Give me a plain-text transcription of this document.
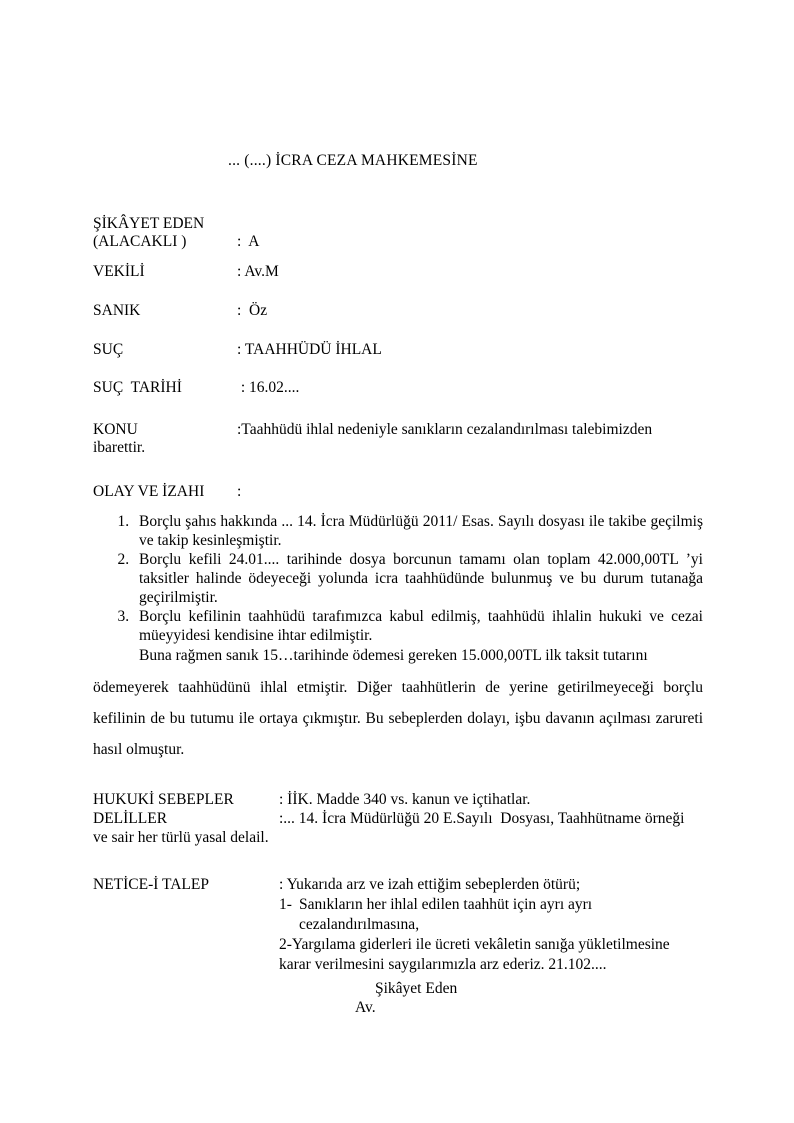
... (....) İCRA CEZA MAHKEMESİNE
ŞİKÂYET EDEN
(ALACAKLI )	:  A
VEKİLİ	: Av.M
SANIK	:  Öz
SUÇ	: TAAHHÜDÜ İHLAL
SUÇ  TARİHİ	: 16.02....
KONU	:Taahhüdü ihlal nedeniyle sanıkların cezalandırılması talebimizden
ibarettir.
OLAY VE İZAHI	:
1. Borçlu şahıs hakkında ... 14. İcra Müdürlüğü 2011/ Esas. Sayılı dosyası ile takibe geçilmiş ve takip kesinleşmiştir.
2. Borçlu kefili 24.01.... tarihinde dosya borcunun tamamı olan toplam 42.000,00TL ’yi taksitler halinde ödeyeceği yolunda icra taahhüdünde bulunmuş ve bu durum tutanağa geçirilmiştir.
3. Borçlu kefilinin taahhüdü tarafımızca kabul edilmiş, taahhüdü ihlalin hukuki ve cezai müeyyidesi kendisine ihtar edilmiştir.
Buna rağmen sanık 15…tarihinde ödemesi gereken 15.000,00TL ilk taksit tutarını
ödemeyerek taahhüdünü ihlal etmiştir. Diğer taahhütlerin de yerine getirilmeyeceği borçlu kefilinin de bu tutumu ile ortaya çıkmıştır. Bu sebeplerden dolayı, işbu davanın açılması zarureti hasıl olmuştur.
HUKUKİ SEBEPLER	: İİK. Madde 340 vs. kanun ve içtihatlar.
DELİLLER	:... 14. İcra Müdürlüğü 20 E.Sayılı  Dosyası, Taahhütname örneği
ve sair her türlü yasal delail.
NETİCE-İ TALEP	: Yukarıda arz ve izah ettiğim sebeplerden ötürü;
1- Sanıkların her ihlal edilen taahhüt için ayrı ayrı
cezalandırılmasına,
2-Yargılama giderleri ile ücreti vekâletin sanığa yükletilmesine
karar verilmesini saygılarımızla arz ederiz. 21.102....
Şikâyet Eden
Av.
